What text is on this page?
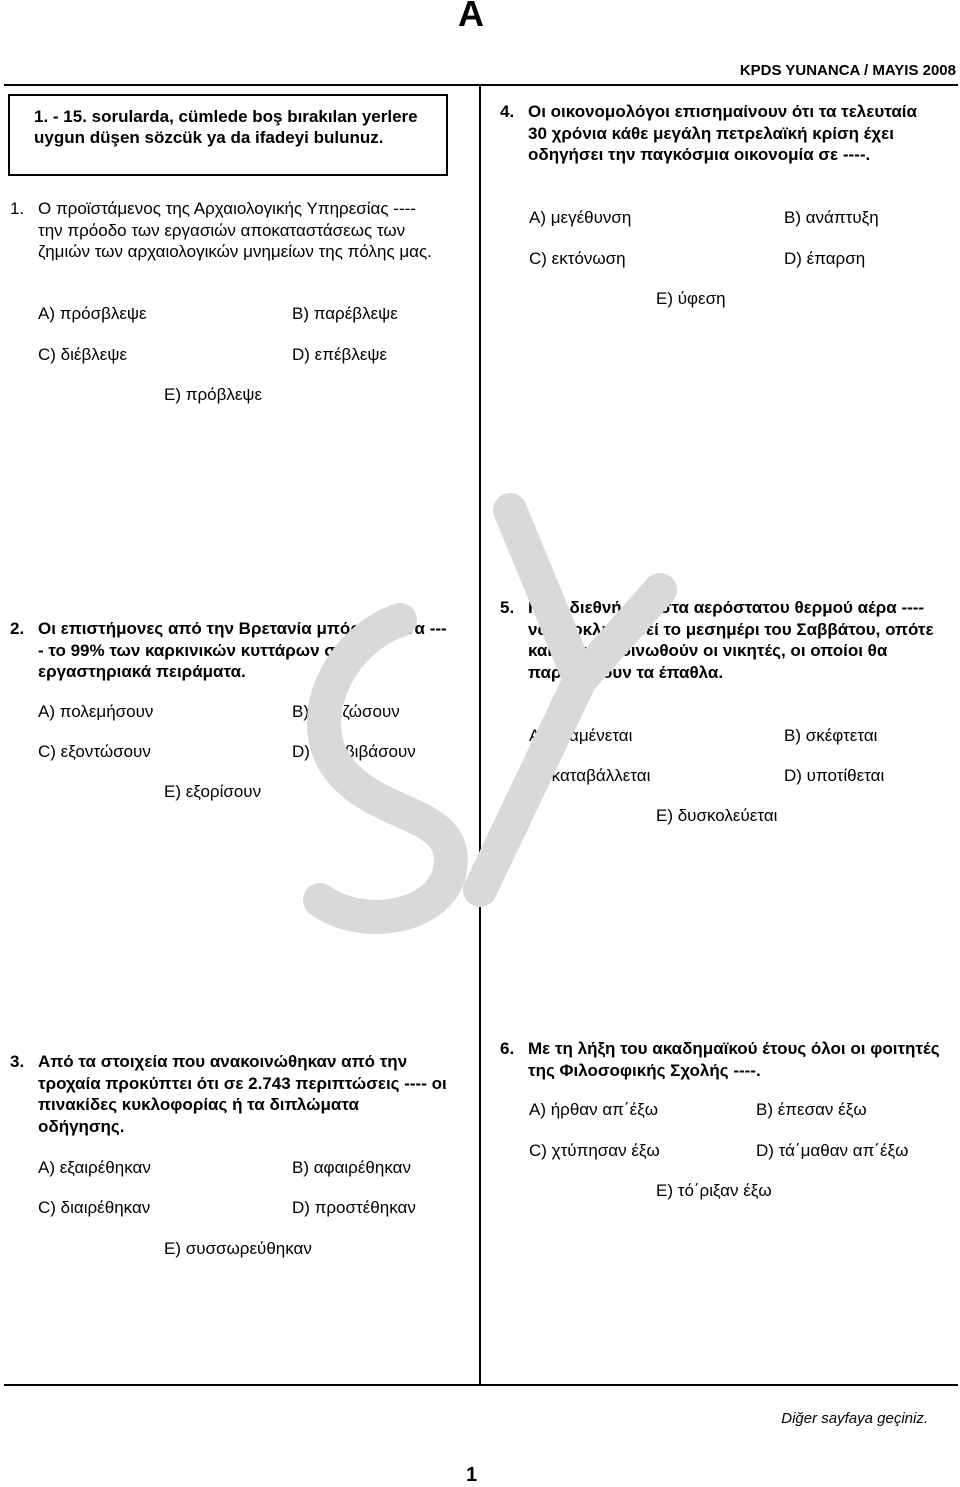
A
KPDS YUNANCA / MAYIS 2008
1. - 15. sorularda, cümlede boş bırakılan yerlere uygun düşen sözcük ya da ifadeyi bulunuz.
1. Ο προϊστάμενος της Αρχαιολογικής Υπηρεσίας ---- την πρόοδο των εργασιών αποκαταστάσεως των ζημιών των αρχαιολογικών μνημείων της πόλης μας.
A) πρόσβλεψε	B) παρέβλεψε
C) διέβλεψε	D) επέβλεψε
E) πρόβλεψε
2. Οι επιστήμονες από την Βρετανία μπόρεσαν να ---- το 99% των καρκινικών κυττάρων σε εργαστηριακά πειράματα.
A) πολεμήσουν	B) ξεριζώσουν
C) εξοντώσουν	D) υποβιβάσουν
E) εξορίσουν
3. Από τα στοιχεία που ανακοινώθηκαν από την τροχαία προκύπτει ότι σε 2.743 περιπτώσεις ---- οι πινακίδες κυκλοφορίας ή τα διπλώματα οδήγησης.
A) εξαιρέθηκαν	B) αφαιρέθηκαν
C) διαιρέθηκαν	D) προστέθηκαν
E) συσσωρεύθηκαν
4. Οι οικονομολόγοι επισημαίνουν ότι τα τελευταία 30 χρόνια κάθε μεγάλη πετρελαϊκή κρίση έχει οδηγήσει την παγκόσμια οικονομία σε ----.
A) μεγέθυνση	B) ανάπτυξη
C) εκτόνωση	D) έπαρση
E) ύφεση
5. Η 1η διεθνής φιέστα αερόστατου θερμού αέρα ---- να ολοκληρωθεί το μεσημέρι του Σαββάτου, οπότε και θα ανακοινωθούν οι νικητές, οι οποίοι θα παραλάβουν τα έπαθλα.
A) αναμένεται	B) σκέφτεται
C) καταβάλλεται	D) υποτίθεται
E) δυσκολεύεται
6. Με τη λήξη του ακαδημαϊκού έτους όλοι οι φοιτητές της Φιλοσοφικής Σχολής ----.
A) ήρθαν απ΄έξω	B) έπεσαν έξω
C) χτύπησαν έξω	D) τά΄μαθαν απ΄έξω
E) τό΄ριξαν έξω
Diğer sayfaya geçiniz.
1
